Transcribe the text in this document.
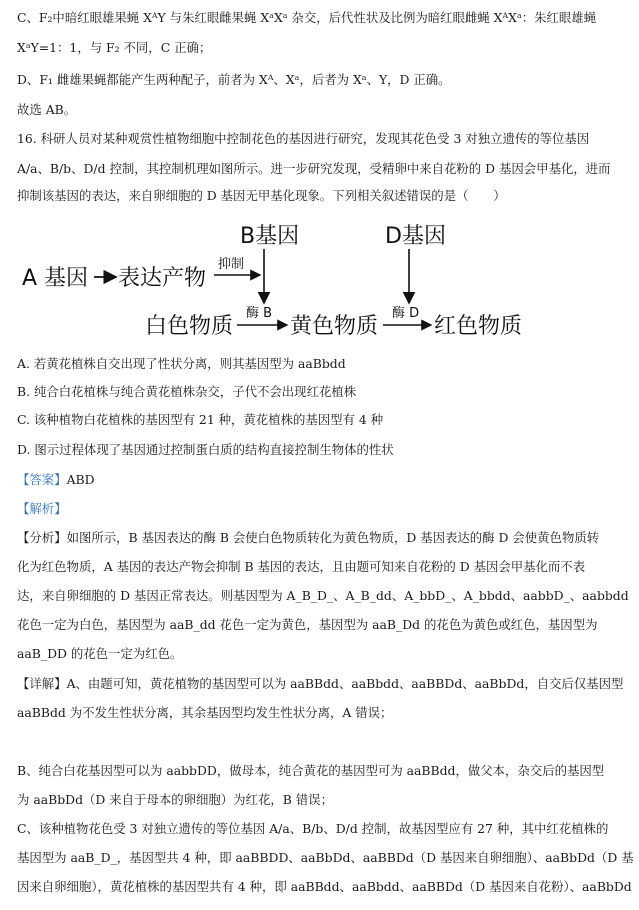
C、F₂中暗红眼雄果蝇 XᴬY 与朱红眼雌果蝇 XᵃXᵃ 杂交，后代性状及比例为暗红眼雌蝇 XᴬXᵃ：朱红眼雄蝇
XᵃY=1：1，与 F₂ 不同，C 正确；
D、F₁ 雌雄果蝇都能产生两种配子，前者为 Xᴬ、Xᵃ，后者为 Xᵃ、Y，D 正确。
故选 AB。
16. 科研人员对某种观赏性植物细胞中控制花色的基因进行研究，发现其花色受 3 对独立遗传的等位基因
A/a、B/b、D/d 控制，其控制机理如图所示。进一步研究发现，受精卵中来自花粉的 D 基因会甲基化，进而
抑制该基因的表达，来自卵细胞的 D 基因无甲基化现象。下列相关叙述错误的是（　　）
B基因	D基因
A 基因 表达产物
抑制
白色物质
酶 B
黄色物质
酶 D
红色物质
A. 若黄花植株自交出现了性状分离，则其基因型为 aaBbdd
B. 纯合白花植株与纯合黄花植株杂交，子代不会出现红花植株
C. 该种植物白花植株的基因型有 21 种，黄花植株的基因型有 4 种
D. 图示过程体现了基因通过控制蛋白质的结构直接控制生物体的性状
【答案】ABD
【解析】
【分析】如图所示，B 基因表达的酶 B 会使白色物质转化为黄色物质，D 基因表达的酶 D 会使黄色物质转
化为红色物质，A 基因的表达产物会抑制 B 基因的表达，且由题可知来自花粉的 D 基因会甲基化而不表
达，来自卵细胞的 D 基因正常表达。则基因型为 A_B_D_、A_B_dd、A_bbD_、A_bbdd、aabbD_、aabbdd
花色一定为白色，基因型为 aaB_dd 花色一定为黄色，基因型为 aaB_Dd 的花色为黄色或红色，基因型为
aaB_DD 的花色一定为红色。
【详解】A、由题可知，黄花植物的基因型可以为 aaBBdd、aaBbdd、aaBBDd、aaBbDd，自交后仅基因型
aaBBdd 为不发生性状分离，其余基因型均发生性状分离，A 错误；
B、纯合白花基因型可以为 aabbDD，做母本，纯合黄花的基因型可为 aaBBdd，做父本，杂交后的基因型
为 aaBbDd（D 来自于母本的卵细胞）为红花，B 错误；
C、该种植物花色受 3 对独立遗传的等位基因 A/a、B/b、D/d 控制，故基因型应有 27 种，其中红花植株的
基因型为 aaB_D_，基因型共 4 种，即 aaBBDD、aaBbDd、aaBBDd（D 基因来自卵细胞）、aaBbDd（D 基
因来自卵细胞），黄花植株的基因型共有 4 种，即 aaBBdd、aaBbdd、aaBBDd（D 基因来自花粉）、aaBbDd
